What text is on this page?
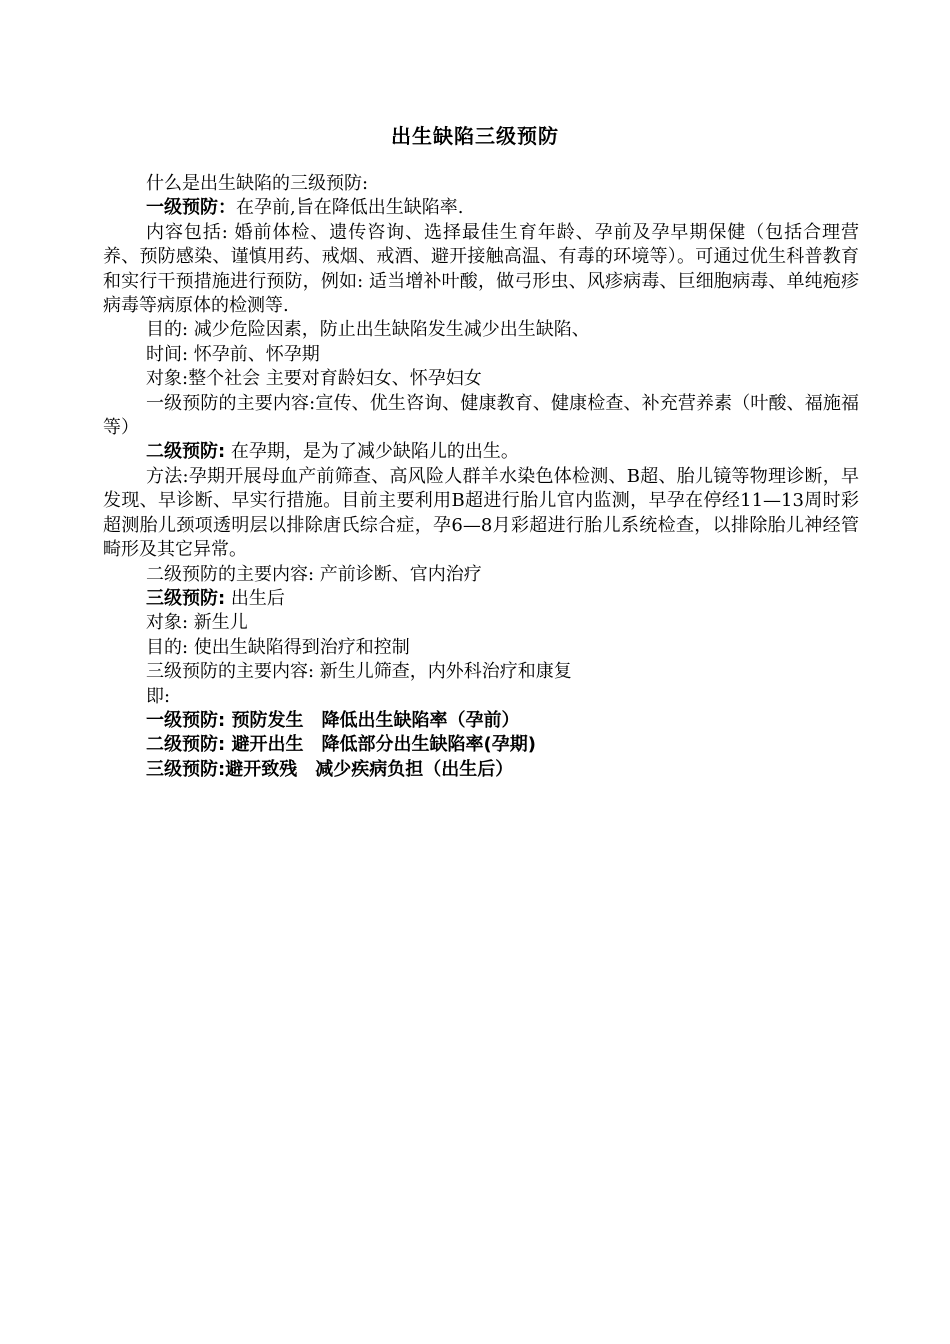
出生缺陷三级预防

什么是出生缺陷的三级预防:

一级预防：在孕前,旨在降低出生缺陷率.

内容包括: 婚前体检、遗传咨询、选择最佳生育年龄、孕前及孕早期保健（包括合理营养、预防感染、谨慎用药、戒烟、戒酒、避开接触高温、有毒的环境等）。可通过优生科普教育和实行干预措施进行预防，例如: 适当增补叶酸，做弓形虫、风疹病毒、巨细胞病毒、单纯疱疹病毒等病原体的检测等.

目的: 减少危险因素，防止出生缺陷发生减少出生缺陷、

时间: 怀孕前、怀孕期

对象:整个社会 主要对育龄妇女、怀孕妇女

一级预防的主要内容:宣传、优生咨询、健康教育、健康检查、补充营养素（叶酸、福施福等）

二级预防: 在孕期，是为了减少缺陷儿的出生。

方法:孕期开展母血产前筛查、高风险人群羊水染色体检测、B超、胎儿镜等物理诊断，早发现、早诊断、早实行措施。目前主要利用B超进行胎儿官内监测，早孕在停经11—13周时彩超测胎儿颈项透明层以排除唐氏综合症，孕6—8月彩超进行胎儿系统检查，以排除胎儿神经管畸形及其它异常。

二级预防的主要内容: 产前诊断、官内治疗

三级预防: 出生后

对象: 新生儿

目的: 使出生缺陷得到治疗和控制

三级预防的主要内容: 新生儿筛查，内外科治疗和康复

即:

一级预防: 预防发生　降低出生缺陷率（孕前）

二级预防: 避开出生　降低部分出生缺陷率(孕期)

三级预防:避开致残　减少疾病负担（出生后）
